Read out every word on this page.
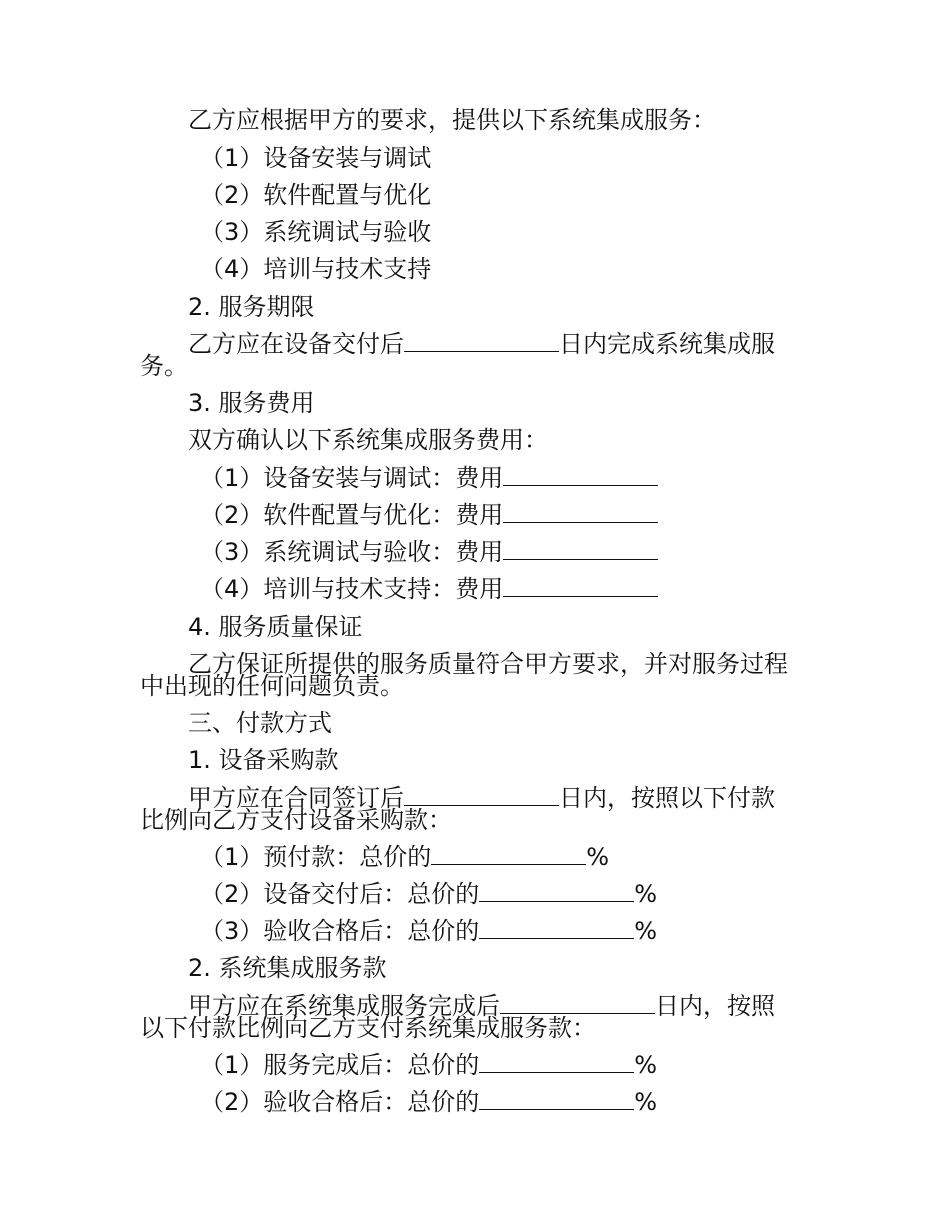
乙方应根据甲方的要求，提供以下系统集成服务：
（1）设备安装与调试
（2）软件配置与优化
（3）系统调试与验收
（4）培训与技术支持
2. 服务期限
乙方应在设备交付后	日内完成系统集成服
务。
3. 服务费用
双方确认以下系统集成服务费用：
（1）设备安装与调试：费用
（2）软件配置与优化：费用
（3）系统调试与验收：费用
（4）培训与技术支持：费用
4. 服务质量保证
乙方保证所提供的服务质量符合甲方要求，并对服务过程
中出现的任何问题负责。
三、付款方式
1. 设备采购款
甲方应在合同签订后	日内，按照以下付款
比例向乙方支付设备采购款：
（1）预付款：总价的	%
（2）设备交付后：总价的	%
（3）验收合格后：总价的	%
2. 系统集成服务款
甲方应在系统集成服务完成后	日内，按照
以下付款比例向乙方支付系统集成服务款：
（1）服务完成后：总价的	%
（2）验收合格后：总价的	%
